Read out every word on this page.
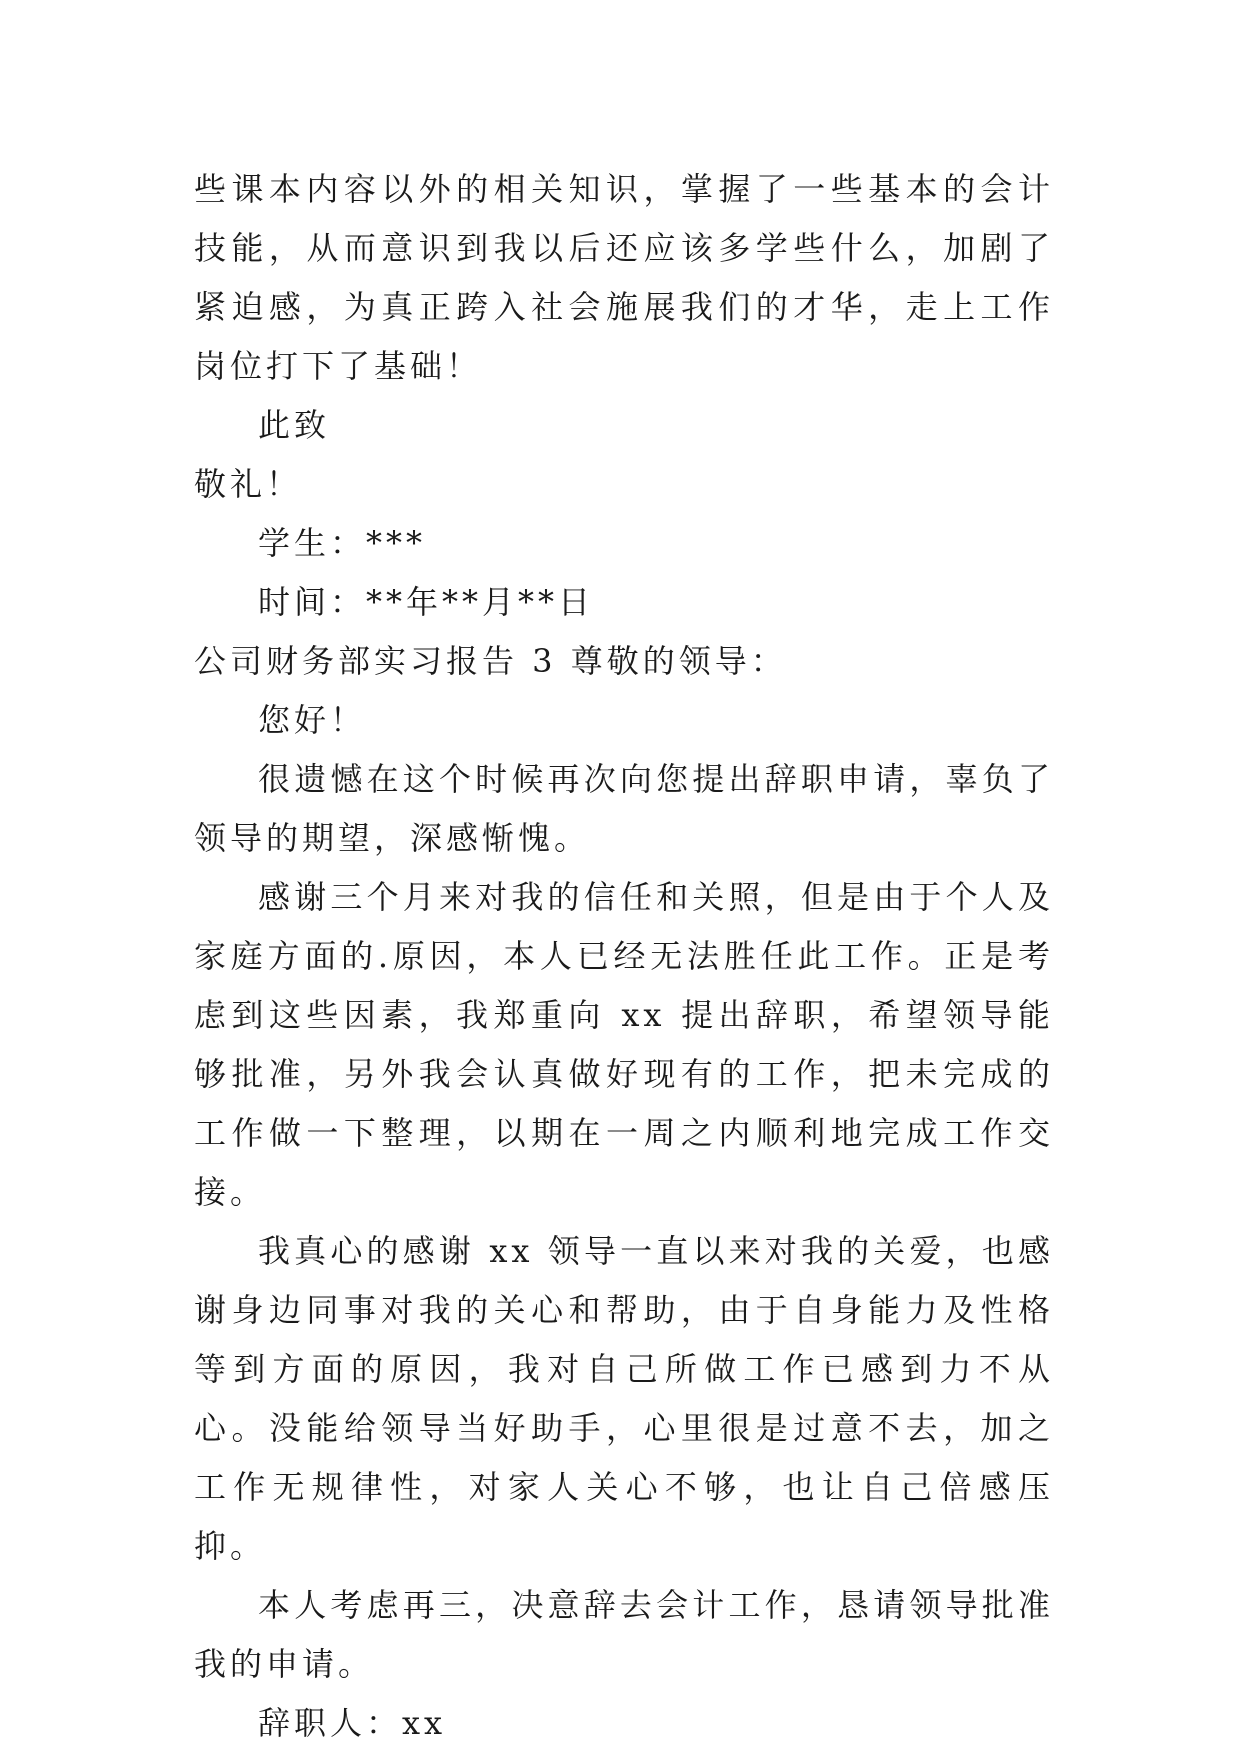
些课本内容以外的相关知识，掌握了一些基本的会计技能，从而意识到我以后还应该多学些什么，加剧了紧迫感，为真正跨入社会施展我们的才华，走上工作岗位打下了基础！

此致

敬礼！

学生：***

时间：**年**月**日

公司财务部实习报告 3 尊敬的领导：

您好！

很遗憾在这个时候再次向您提出辞职申请，辜负了领导的期望，深感惭愧。

感谢三个月来对我的信任和关照，但是由于个人及家庭方面的.原因，本人已经无法胜任此工作。正是考虑到这些因素，我郑重向 xx 提出辞职，希望领导能够批准，另外我会认真做好现有的工作，把未完成的工作做一下整理，以期在一周之内顺利地完成工作交接。

我真心的感谢 xx 领导一直以来对我的关爱，也感谢身边同事对我的关心和帮助，由于自身能力及性格等到方面的原因，我对自己所做工作已感到力不从心。没能给领导当好助手，心里很是过意不去，加之工作无规律性，对家人关心不够，也让自己倍感压抑。

本人考虑再三，决意辞去会计工作，恳请领导批准我的申请。

辞职人：xx
